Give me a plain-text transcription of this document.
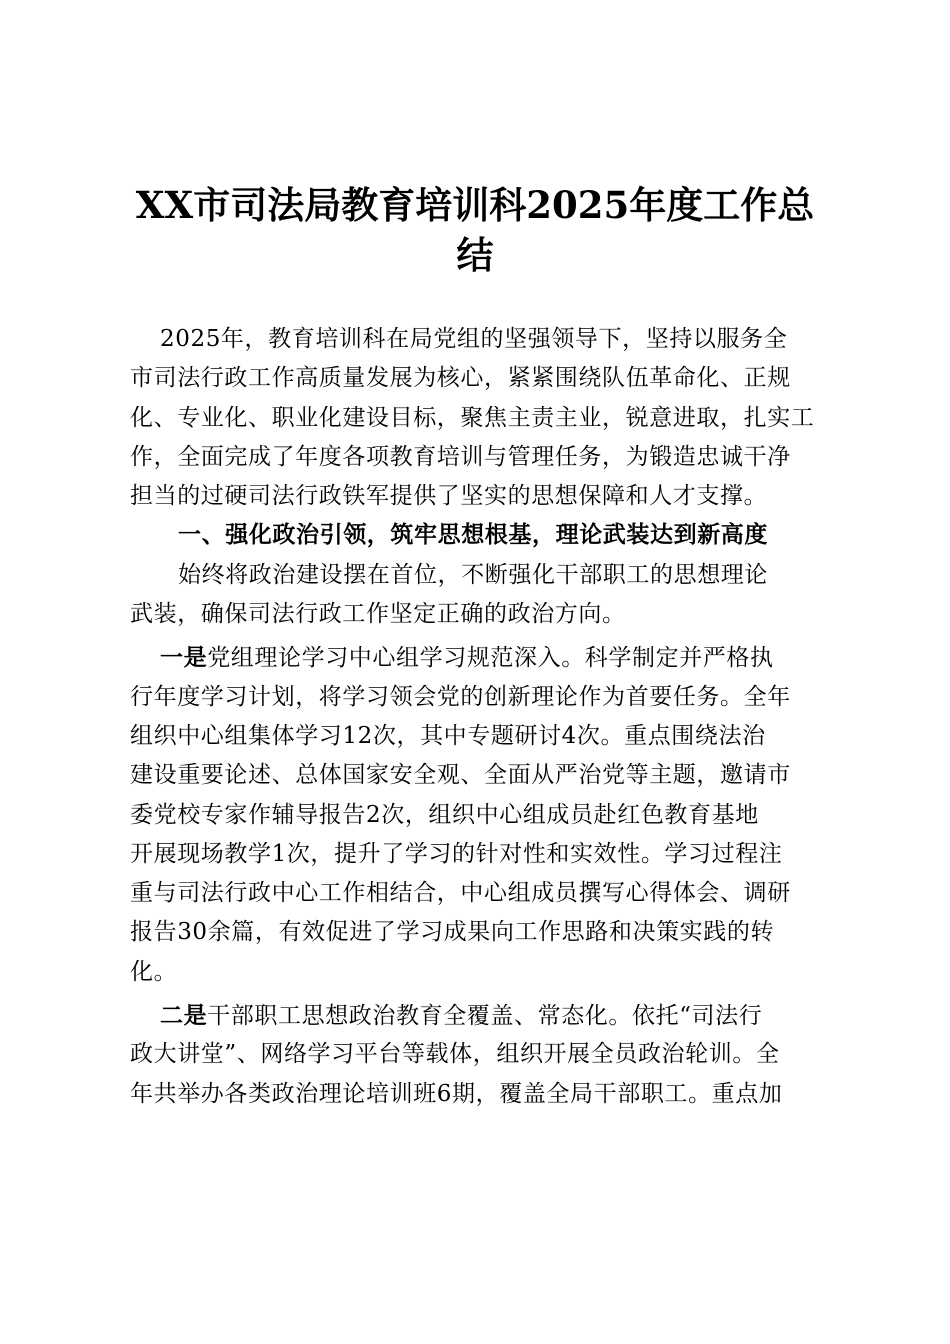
XX市司法局教育培训科2025年度工作总
结
2025年，教育培训科在局党组的坚强领导下，坚持以服务全
市司法行政工作高质量发展为核心，紧紧围绕队伍革命化、正规
化、专业化、职业化建设目标，聚焦主责主业，锐意进取，扎实工
作，全面完成了年度各项教育培训与管理任务，为锻造忠诚干净
担当的过硬司法行政铁军提供了坚实的思想保障和人才支撑。
一、强化政治引领，筑牢思想根基，理论武装达到新高度
始终将政治建设摆在首位，不断强化干部职工的思想理论
武装，确保司法行政工作坚定正确的政治方向。
一是党组理论学习中心组学习规范深入。科学制定并严格执
行年度学习计划，将学习领会党的创新理论作为首要任务。全年
组织中心组集体学习12次，其中专题研讨4次。重点围绕法治
建设重要论述、总体国家安全观、全面从严治党等主题，邀请市
委党校专家作辅导报告2次，组织中心组成员赴红色教育基地
开展现场教学1次，提升了学习的针对性和实效性。学习过程注
重与司法行政中心工作相结合，中心组成员撰写心得体会、调研
报告30余篇，有效促进了学习成果向工作思路和决策实践的转
化。
二是干部职工思想政治教育全覆盖、常态化。依托“司法行
政大讲堂”、网络学习平台等载体，组织开展全员政治轮训。全
年共举办各类政治理论培训班6期，覆盖全局干部职工。重点加
